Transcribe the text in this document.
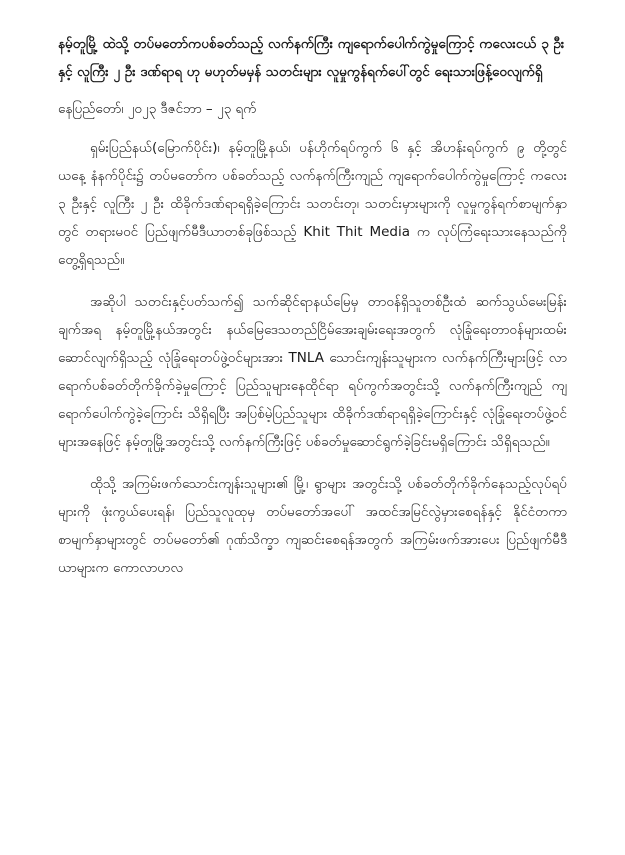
နမ့်တူမြို့ ထဲသို့ တပ်မတော်ကပစ်ခတ်သည့် လက်နက်ကြီး ကျရောက်ပေါက်ကွဲမှုကြောင့် ကလေးငယ် ၃ ဦးနှင့် လူကြီး ၂ ဦး ဒဏ်ရာရ ဟု မဟုတ်မမှန် သတင်းများ လူမှုကွန်ရက်ပေါ်တွင် ရေးသားဖြန့်ဝေလျက်ရှိ

နေပြည်တော်၊ ၂၀၂၃ ဒီဇင်ဘာ – ၂၃ ရက်

ရှမ်းပြည်နယ်(မြောက်ပိုင်း)၊ နမ့်တူမြို့နယ်၊ ပန်ဟိုက်ရပ်ကွက် ၆ နှင့် အိဟန်းရပ်ကွက် ၉ တို့တွင် ယနေ့ နံနက်ပိုင်း၌ တပ်မတော်က ပစ်ခတ်သည့် လက်နက်ကြီးကျည် ကျရောက်ပေါက်ကွဲမှုကြောင့် ကလေး ၃ ဦးနှင့် လူကြီး ၂ ဦး ထိခိုက်ဒဏ်ရာရရှိခဲ့ကြောင်း သတင်းတု၊ သတင်းမှားများကို လူမှုကွန်ရက်စာမျက်နှာတွင် တရားမဝင် ပြည်ဖျက်မီဒီယာတစ်ခုဖြစ်သည့် Khit Thit Media က လုပ်ကြံရေးသားနေသည်ကို တွေ့ရှိရသည်။

အဆိုပါ သတင်းနှင့်ပတ်သက်၍ သက်ဆိုင်ရာနယ်မြေမှ တာဝန်ရှိသူတစ်ဦးထံ ဆက်သွယ်မေးမြန်းချက်အရ နမ့်တူမြို့နယ်အတွင်း နယ်မြေဒေသတည်ငြိမ်အေးချမ်းရေးအတွက် လုံခြုံရေးတာဝန်များထမ်းဆောင်လျက်ရှိသည့် လုံခြုံရေးတပ်ဖွဲ့ဝင်များအား TNLA သောင်းကျန်းသူများက လက်နက်ကြီးများဖြင့် လာရောက်ပစ်ခတ်တိုက်ခိုက်ခဲ့မှုကြောင့် ပြည်သူများနေထိုင်ရာ ရပ်ကွက်အတွင်းသို့ လက်နက်ကြီးကျည် ကျရောက်ပေါက်ကွဲခဲ့ကြောင်း သိရှိရပြီး အပြစ်မဲ့ပြည်သူများ ထိခိုက်ဒဏ်ရာရရှိခဲ့ကြောင်းနှင့် လုံခြုံရေးတပ်ဖွဲ့ဝင်များအနေဖြင့် နမ့်တူမြို့အတွင်းသို့ လက်နက်ကြီးဖြင့် ပစ်ခတ်မှုဆောင်ရွက်ခဲ့ခြင်းမရှိကြောင်း သိရှိရသည်။

ထိုသို့ အကြမ်းဖက်သောင်းကျန်းသူများ၏ မြို့၊ ရွာများ အတွင်းသို့ ပစ်ခတ်တိုက်ခိုက်နေသည့်လုပ်ရပ်များကို ဖုံးကွယ်ပေးရန်၊ ပြည်သူလူထုမှ တပ်မတော်အပေါ် အထင်အမြင်လွဲမှားစေရန်နှင့် နိုင်ငံတကာစာမျက်နှာများတွင် တပ်မတော်၏ ဂုဏ်သိက္ခာ ကျဆင်းစေရန်အတွက် အကြမ်းဖက်အားပေး ပြည်ဖျက်မီဒီယာများက ကောလာဟလ
